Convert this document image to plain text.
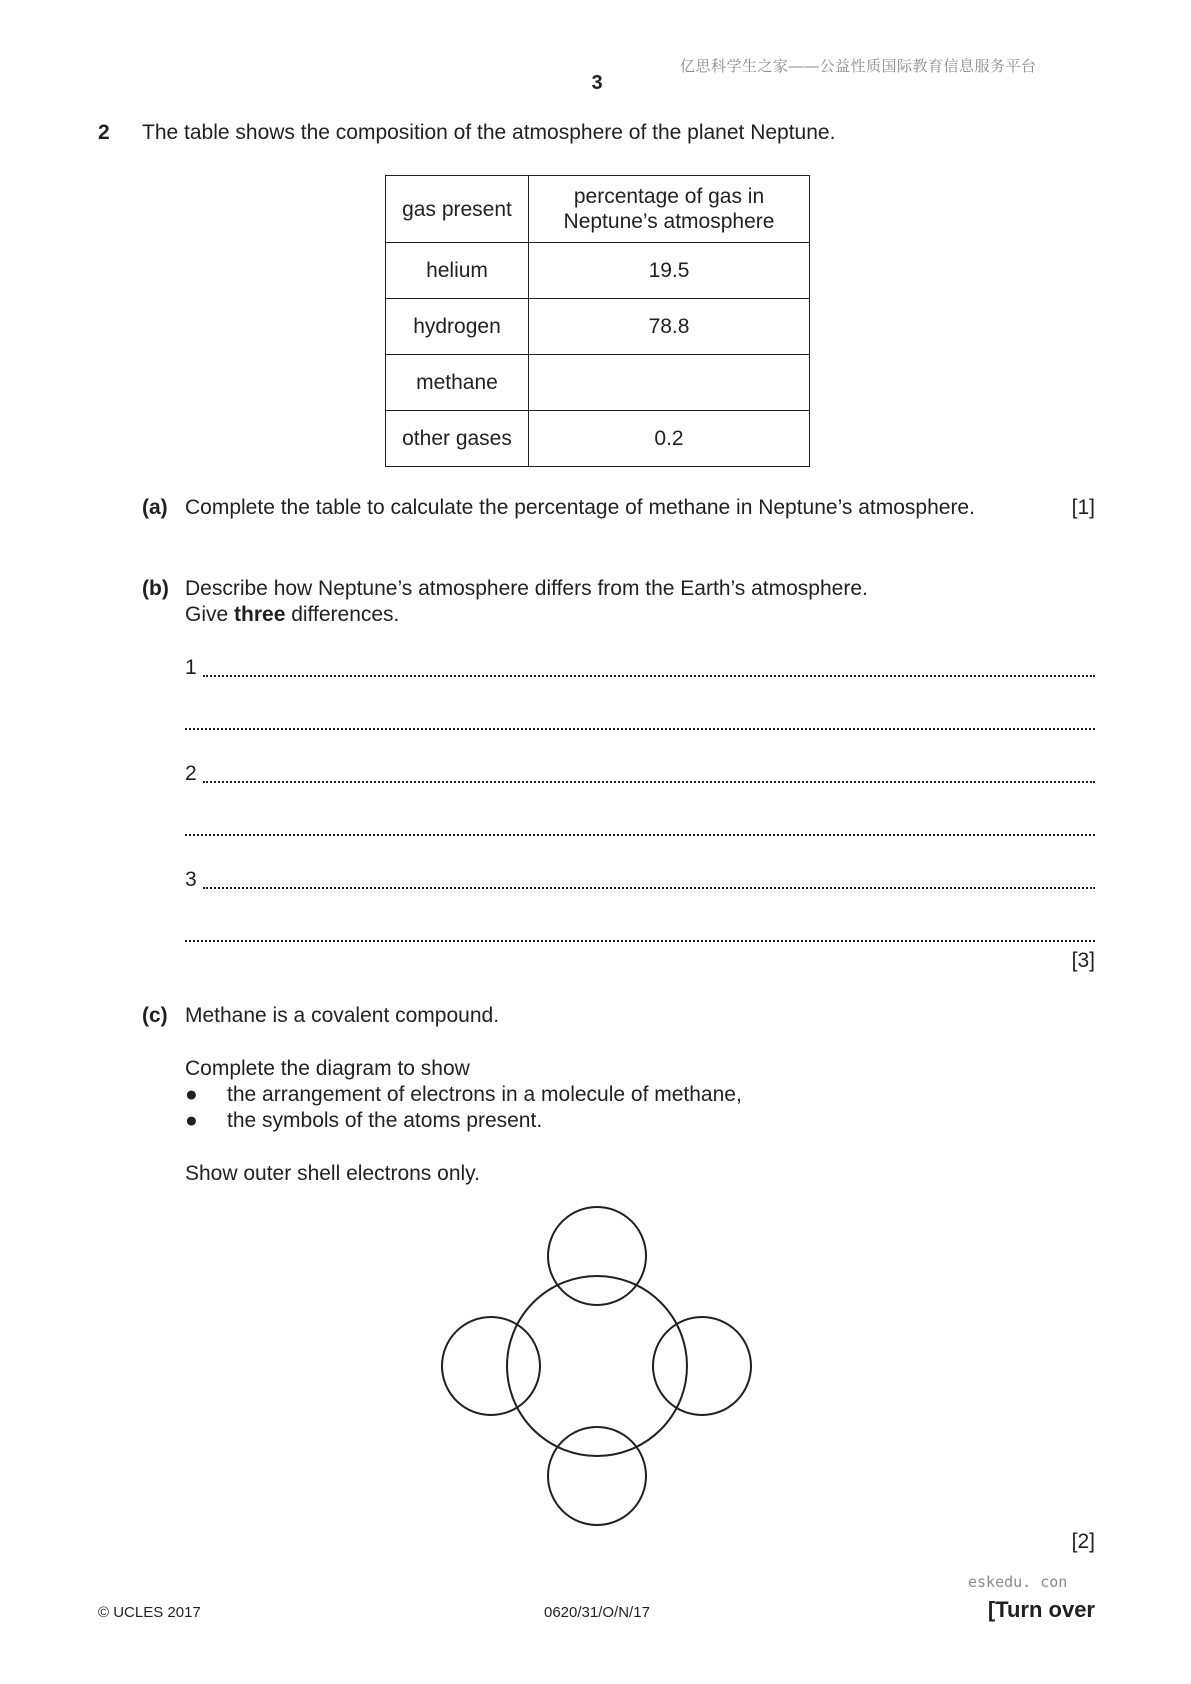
亿思科学生之家——公益性质国际教育信息服务平台
3
2 The table shows the composition of the atmosphere of the planet Neptune.
gas present	percentage of gas in
Neptune’s atmosphere
helium	19.5
hydrogen	78.8
methane	
other gases	0.2
(a) Complete the table to calculate the percentage of methane in Neptune’s atmosphere.	[1]
(b) Describe how Neptune’s atmosphere differs from the Earth’s atmosphere.
Give three differences.
1
2
3
[3]
(c) Methane is a covalent compound.
Complete the diagram to show
●	the arrangement of electrons in a molecule of methane,
●	the symbols of the atoms present.
Show outer shell electrons only.
[2]
eskedu. con
© UCLES 2017	0620/31/O/N/17	[Turn over
